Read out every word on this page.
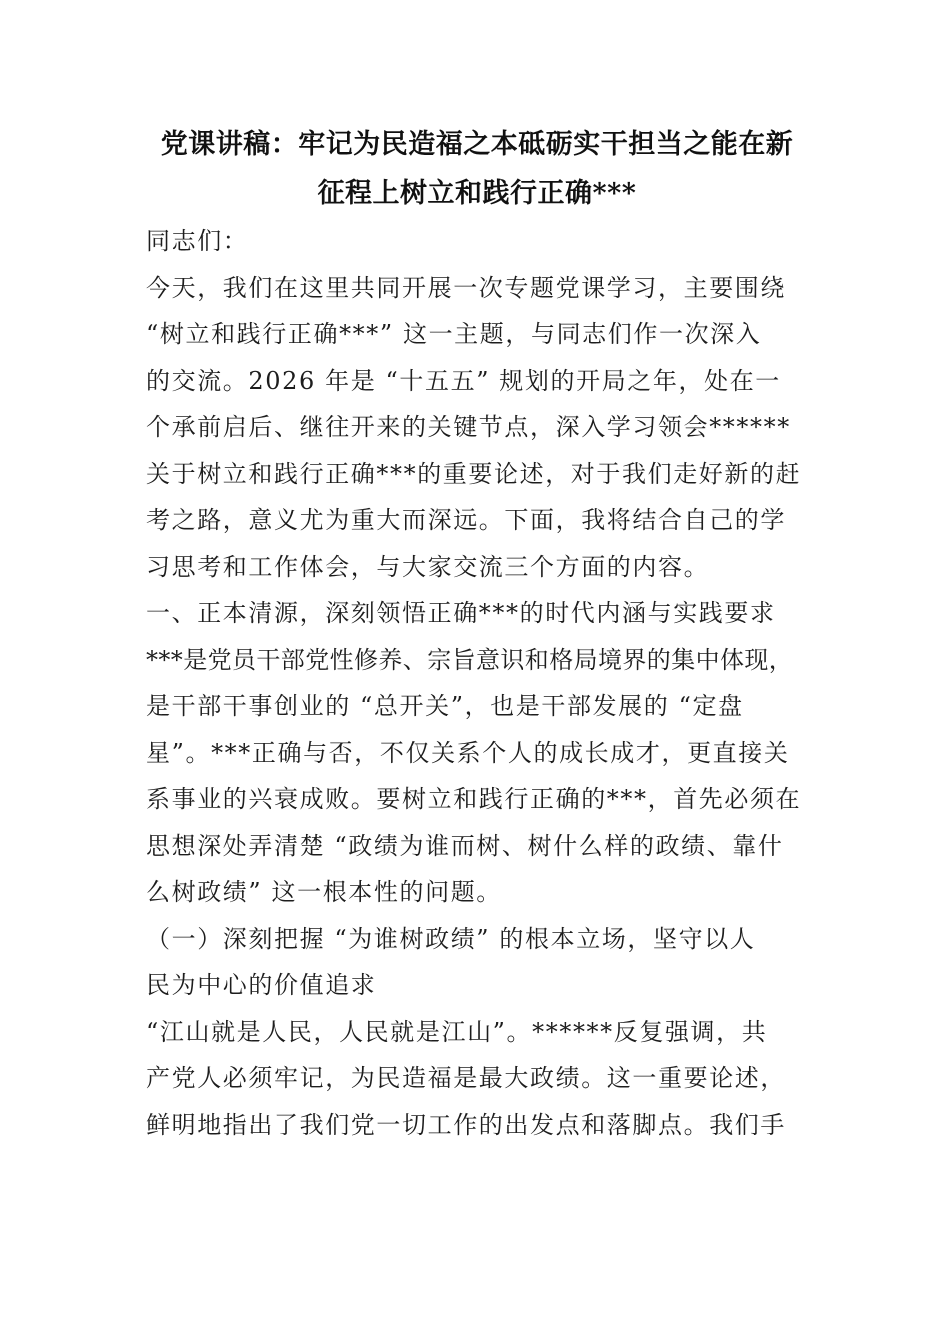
党课讲稿：牢记为民造福之本砥砺实干担当之能在新
征程上树立和践行正确***
同志们：
今天，我们在这里共同开展一次专题党课学习，主要围绕
“树立和践行正确***” 这一主题，与同志们作一次深入
的交流。2026 年是 “十五五” 规划的开局之年，处在一
个承前启后、继往开来的关键节点，深入学习领会******
关于树立和践行正确***的重要论述，对于我们走好新的赶
考之路，意义尤为重大而深远。下面，我将结合自己的学
习思考和工作体会，与大家交流三个方面的内容。
一、正本清源，深刻领悟正确***的时代内涵与实践要求
***是党员干部党性修养、宗旨意识和格局境界的集中体现，
是干部干事创业的 “总开关”，也是干部发展的 “定盘
星”。***正确与否，不仅关系个人的成长成才，更直接关
系事业的兴衰成败。要树立和践行正确的***，首先必须在
思想深处弄清楚 “政绩为谁而树、树什么样的政绩、靠什
么树政绩” 这一根本性的问题。
（一）深刻把握 “为谁树政绩” 的根本立场，坚守以人
民为中心的价值追求
“江山就是人民，人民就是江山”。******反复强调，共
产党人必须牢记，为民造福是最大政绩。这一重要论述，
鲜明地指出了我们党一切工作的出发点和落脚点。我们手
